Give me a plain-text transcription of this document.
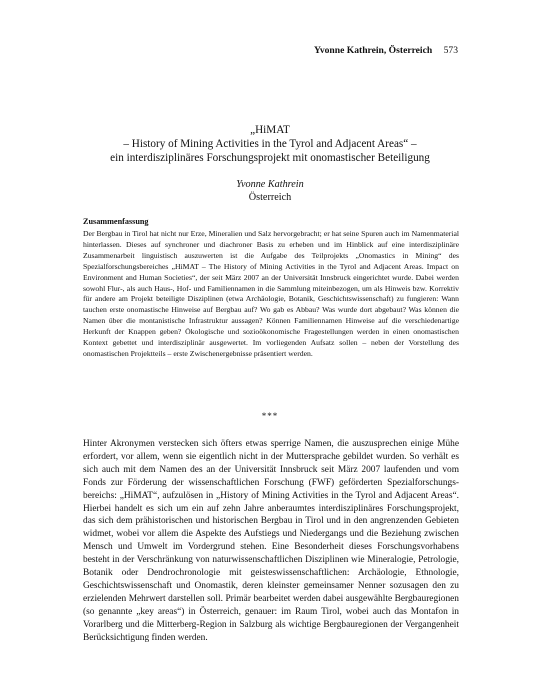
Yvonne Kathrein, Österreich 573
„HiMAT
– History of Mining Activities in the Tyrol and Adjacent Areas“ –
ein interdisziplinäres Forschungsprojekt mit onomastischer Beteiligung
Yvonne Kathrein
Österreich
Zusammenfassung
Der Bergbau in Tirol hat nicht nur Erze, Mineralien und Salz hervorgebracht; er hat seine Spuren auch im Namenmaterial hinterlassen. Dieses auf synchroner und diachroner Basis zu erheben und im Hinblick auf eine interdisziplinäre Zusammenarbeit linguistisch auszuwerten ist die Aufgabe des Teilprojekts „Onomastics in Mining“ des Spezialforschungsbereiches „HiMAT – The History of Mining Activities in the Tyrol and Adjacent Areas. Impact on Environment and Human Societies“, der seit März 2007 an der Universität Innsbruck eingerichtet wurde. Dabei werden sowohl Flur-, als auch Haus-, Hof- und Familiennamen in die Sammlung miteinbezogen, um als Hinweis bzw. Korrektiv für andere am Projekt beteiligte Disziplinen (etwa Archäologie, Botanik, Geschichtswissenschaft) zu fungieren: Wann tauchen erste onomastische Hinweise auf Bergbau auf? Wo gab es Abbau? Was wurde dort abgebaut? Was können die Namen über die montanistische Infrastruktur aussagen? Können Familiennamen Hinweise auf die verschiedenartige Herkunft der Knappen geben? Ökologische und sozioökonomische Fragestellungen werden in einen onomastischen Kontext gebettet und interdisziplinär ausgewertet. Im vorliegenden Aufsatz sollen – neben der Vorstellung des onomastischen Projektteils – erste Zwischenergebnisse präsentiert werden.
***
Hinter Akronymen verstecken sich öfters etwas sperrige Namen, die auszusprechen einige Mühe erfordert, vor allem, wenn sie eigentlich nicht in der Muttersprache gebildet wurden. So verhält es sich auch mit dem Namen des an der Universität Innsbruck seit März 2007 laufenden und vom Fonds zur Förderung der wissenschaftlichen Forschung (FWF) geförderten Spezialforschungsbereichs: „HiMAT“, aufzulösen in „History of Mining Activities in the Tyrol and Adjacent Areas“. Hierbei handelt es sich um ein auf zehn Jahre anberaumtes interdisziplinäres Forschungsprojekt, das sich dem prähistorischen und historischen Bergbau in Tirol und in den angrenzenden Gebieten widmet, wobei vor allem die Aspekte des Aufstiegs und Niedergangs und die Beziehung zwischen Mensch und Umwelt im Vordergrund stehen. Eine Besonderheit dieses Forschungsvorhabens besteht in der Verschränkung von naturwissenschaftlichen Disziplinen wie Mineralogie, Petrologie, Botanik oder Dendrochronologie mit geisteswissenschaftlichen: Archäologie, Ethnologie, Geschichtswissenschaft und Onomastik, deren kleinster gemeinsamer Nenner sozusagen den zu erzielenden Mehrwert darstellen soll. Primär bearbeitet werden dabei ausgewählte Bergbauregionen (so genannte „key areas“) in Österreich, genauer: im Raum Tirol, wobei auch das Montafon in Vorarlberg und die Mitterberg-Region in Salzburg als wichtige Bergbauregionen der Vergangenheit Berücksichtigung finden werden.
